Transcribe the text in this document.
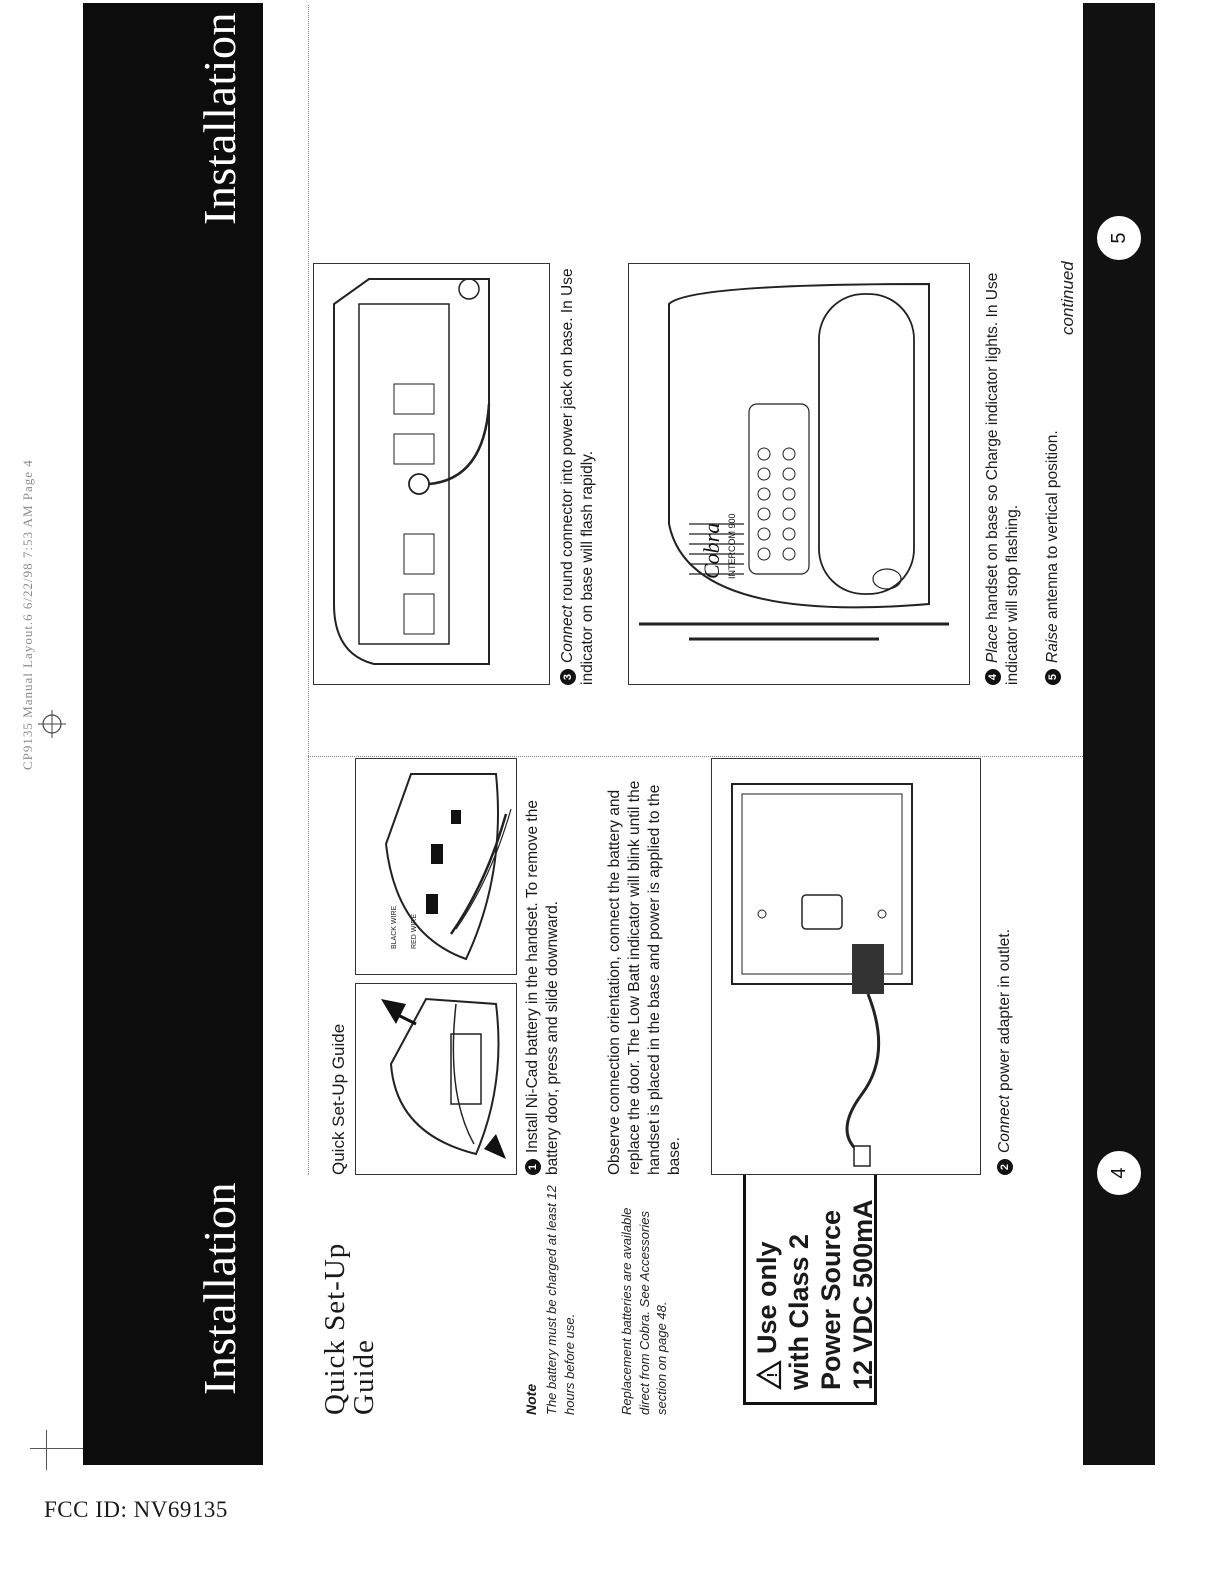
CP9135 Manual Layout.6 6/22/98 7:53 AM Page 4
FCC ID: NV69135
Installation
Installation
Quick Set-Up
Guide	Note The battery must be charged at least 12 hours before use.	Replacement batteries are available direct from Cobra. See Accessories section on page 48.	!
Use only with Class 2 Power Source 12 VDC 500mA
Quick Set-Up Guide
BLACK WIRE RED WIRE
1Install Ni-Cad battery in the handset. To remove the battery door, press and slide downward.	Observe connection orientation, connect the battery and replace the door. The Low Batt indicator will blink until the handset is placed in the base and power is applied to the base.	2Connect power adapter in outlet.
3Connect round connector into power jack on base. In Use indicator on base will flash rapidly.	Cobra INTERCOM 900
4Place handset on base so Charge indicator lights. In Use indicator will stop flashing.	5Raise antenna to vertical position.
continued
4
5
